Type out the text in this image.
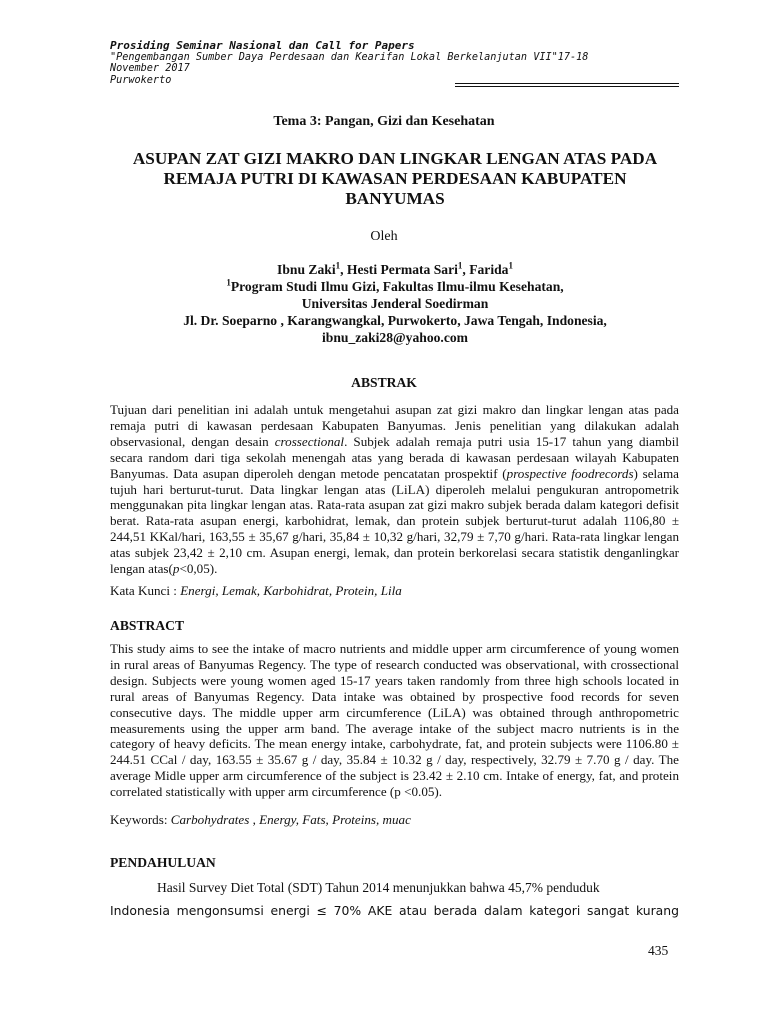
Prosiding Seminar Nasional dan Call for Papers
"Pengembangan Sumber Daya Perdesaan dan Kearifan Lokal Berkelanjutan VII"17-18
November 2017
Purwokerto
Tema 3: Pangan, Gizi dan Kesehatan
ASUPAN ZAT GIZI MAKRO DAN LINGKAR LENGAN ATAS PADA
REMAJA PUTRI DI KAWASAN PERDESAAN KABUPATEN
BANYUMAS
Oleh
Ibnu Zaki$^1$, Hesti Permata Sari$^1$, Farida$^1$
$^1$Program Studi Ilmu Gizi, Fakultas Ilmu-ilmu Kesehatan,
Universitas Jenderal Soedirman
Jl. Dr. Soeparno , Karangwangkal, Purwokerto, Jawa Tengah, Indonesia,
ibnu_zaki28@yahoo.com
ABSTRAK
Tujuan dari penelitian ini adalah untuk mengetahui asupan zat gizi makro dan lingkar lengan atas pada remaja putri di kawasan perdesaan Kabupaten Banyumas. Jenis penelitian yang dilakukan adalah observasional, dengan desain crossectional. Subjek adalah remaja putri usia 15-17 tahun yang diambil secara random dari tiga sekolah menengah atas yang berada di kawasan perdesaan wilayah Kabupaten Banyumas. Data asupan diperoleh dengan metode pencatatan prospektif (prospective foodrecords) selama tujuh hari berturut-turut. Data lingkar lengan atas (LiLA) diperoleh melalui pengukuran antropometrik menggunakan pita lingkar lengan atas. Rata-rata asupan zat gizi makro subjek berada dalam kategori defisit berat. Rata-rata asupan energi, karbohidrat, lemak, dan protein subjek berturut-turut adalah 1106,80 ± 244,51 KKal/hari, 163,55 ± 35,67 g/hari, 35,84 ± 10,32 g/hari, 32,79 ± 7,70 g/hari. Rata-rata lingkar lengan atas subjek 23,42 ± 2,10 cm. Asupan energi, lemak, dan protein berkorelasi secara statistik denganlingkar lengan atas(p<0,05).
Kata Kunci : Energi, Lemak, Karbohidrat, Protein, Lila
ABSTRACT
This study aims to see the intake of macro nutrients and middle upper arm circumference of young women in rural areas of Banyumas Regency. The type of research conducted was observational, with crossectional design. Subjects were young women aged 15-17 years taken randomly from three high schools located in rural areas of Banyumas Regency. Data intake was obtained by prospective food records for seven consecutive days. The middle upper arm circumference (LiLA) was obtained through anthropometric measurements using the upper arm band. The average intake of the subject macro nutrients is in the category of heavy deficits. The mean energy intake, carbohydrate, fat, and protein subjects were 1106.80 ± 244.51 CCal / day, 163.55 ± 35.67 g / day, 35.84 ± 10.32 g / day, respectively, 32.79 ± 7.70 g / day. The average Midle upper arm circumference of the subject is 23.42 ± 2.10 cm. Intake of energy, fat, and protein correlated statistically with upper arm circumference (p <0.05).
Keywords: Carbohydrates , Energy, Fats, Proteins, muac
PENDAHULUAN
Hasil Survey Diet Total (SDT) Tahun 2014 menunjukkan bahwa 45,7% penduduk
Indonesia mengonsumsi energi ≤ 70% AKE atau berada dalam kategori sangat kurang
435
